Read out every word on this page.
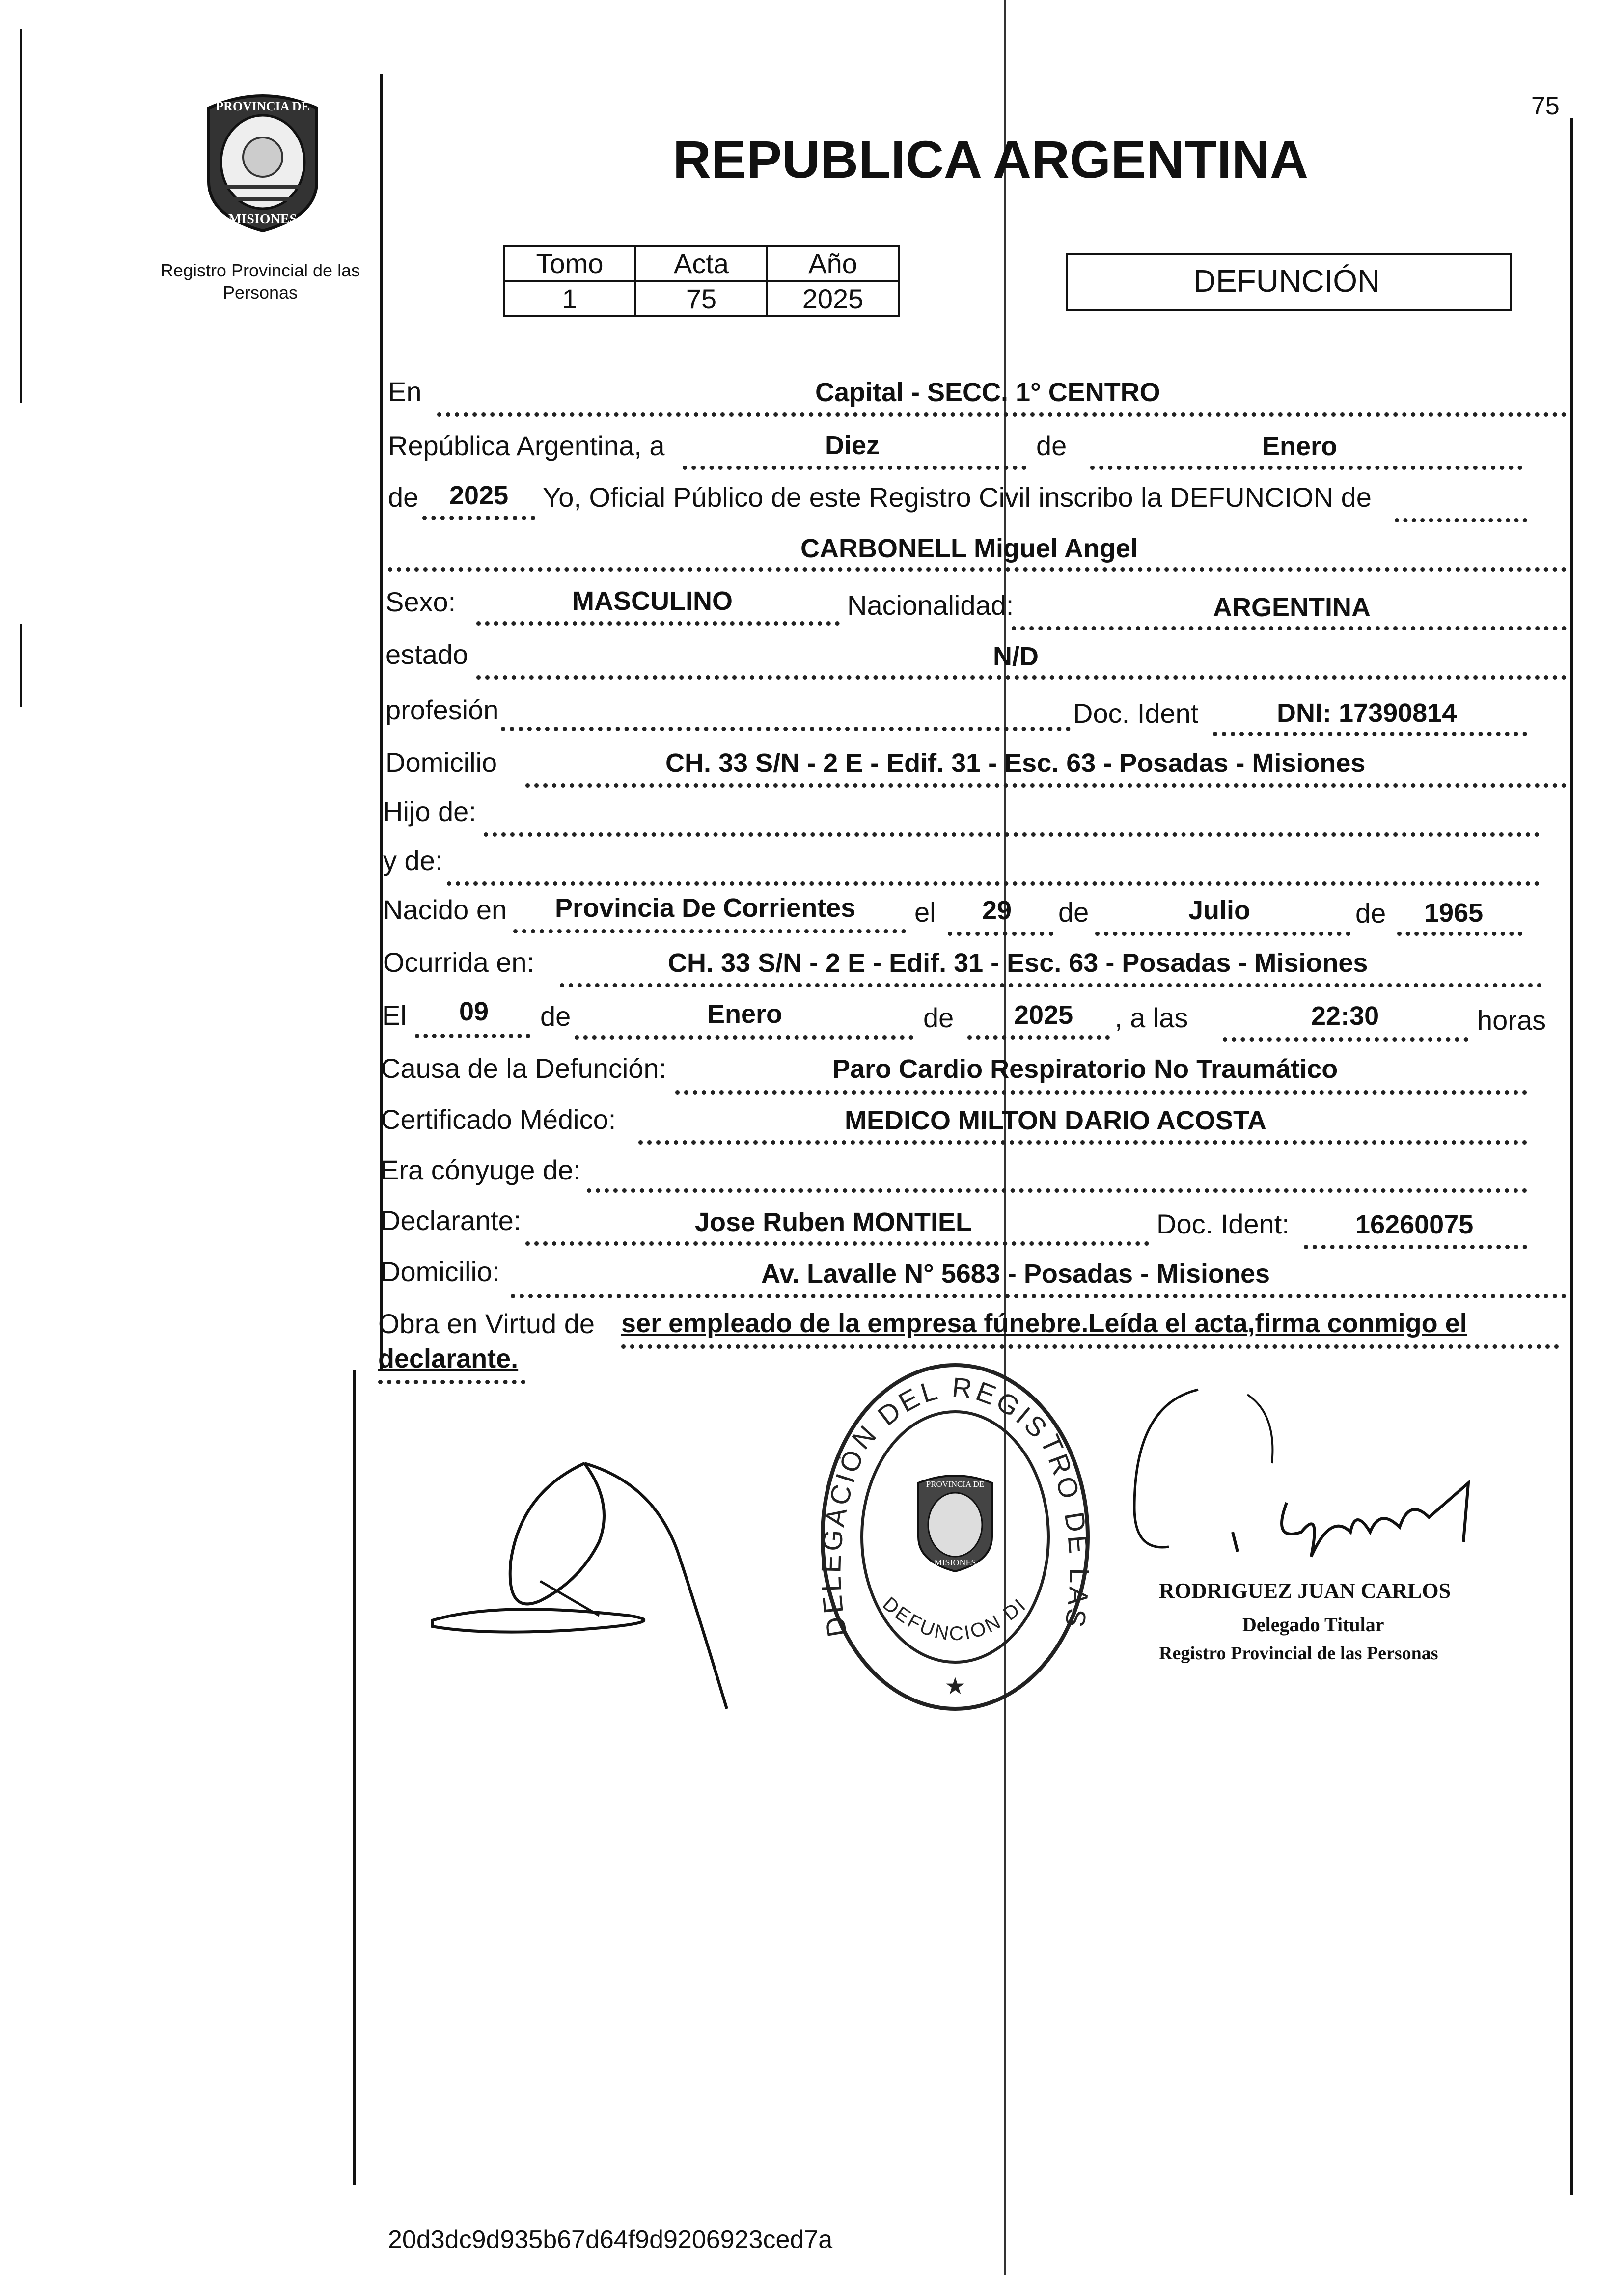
75
PROVINCIA DE
MISIONES
Registro Provincial de las Personas
REPUBLICA ARGENTINA
Tomo	Acta	Año
1	75	2025	DEFUNCIÓN
En	Capital - SECC. 1° CENTRO
República Argentina, a	Diez	de	Enero
de 2025 Yo, Oficial Público de este Registro Civil inscribo la DEFUNCION de
CARBONELL Miguel Angel
Sexo:	MASCULINO	Nacionalidad:	ARGENTINA
estado	N/D
profesión	Doc. Ident	DNI: 17390814
Domicilio	CH. 33 S/N - 2 E - Edif. 31 - Esc. 63 - Posadas - Misiones
Hijo de:
y de:
Nacido en Provincia De Corrientes el 29 de	Julio	de 1965
Ocurrida en:	CH. 33 S/N - 2 E - Edif. 31 - Esc. 63 - Posadas - Misiones
El 09 de	Enero	de 2025 , a las	22:30	horas
Causa de la Defunción:	Paro Cardio Respiratorio No Traumático
Certificado Médico:	MEDICO MILTON DARIO ACOSTA
Era cónyuge de:
Declarante:	Jose Ruben MONTIEL	Doc. Ident: 16260075
Domicilio:	Av. Lavalle N° 5683 - Posadas - Misiones
Obra en Virtud de ser empleado de la empresa fúnebre.Leída el acta,firma conmigo el
declarante.
DELEGACIÓN DEL REGISTRO DE LAS
DEFUNCION DI
PROVINCIA DE
MISIONES
★
RODRIGUEZ JUAN CARLOS
Delegado Titular
Registro Provincial de las Personas
20d3dc9d935b67d64f9d9206923ced7a
